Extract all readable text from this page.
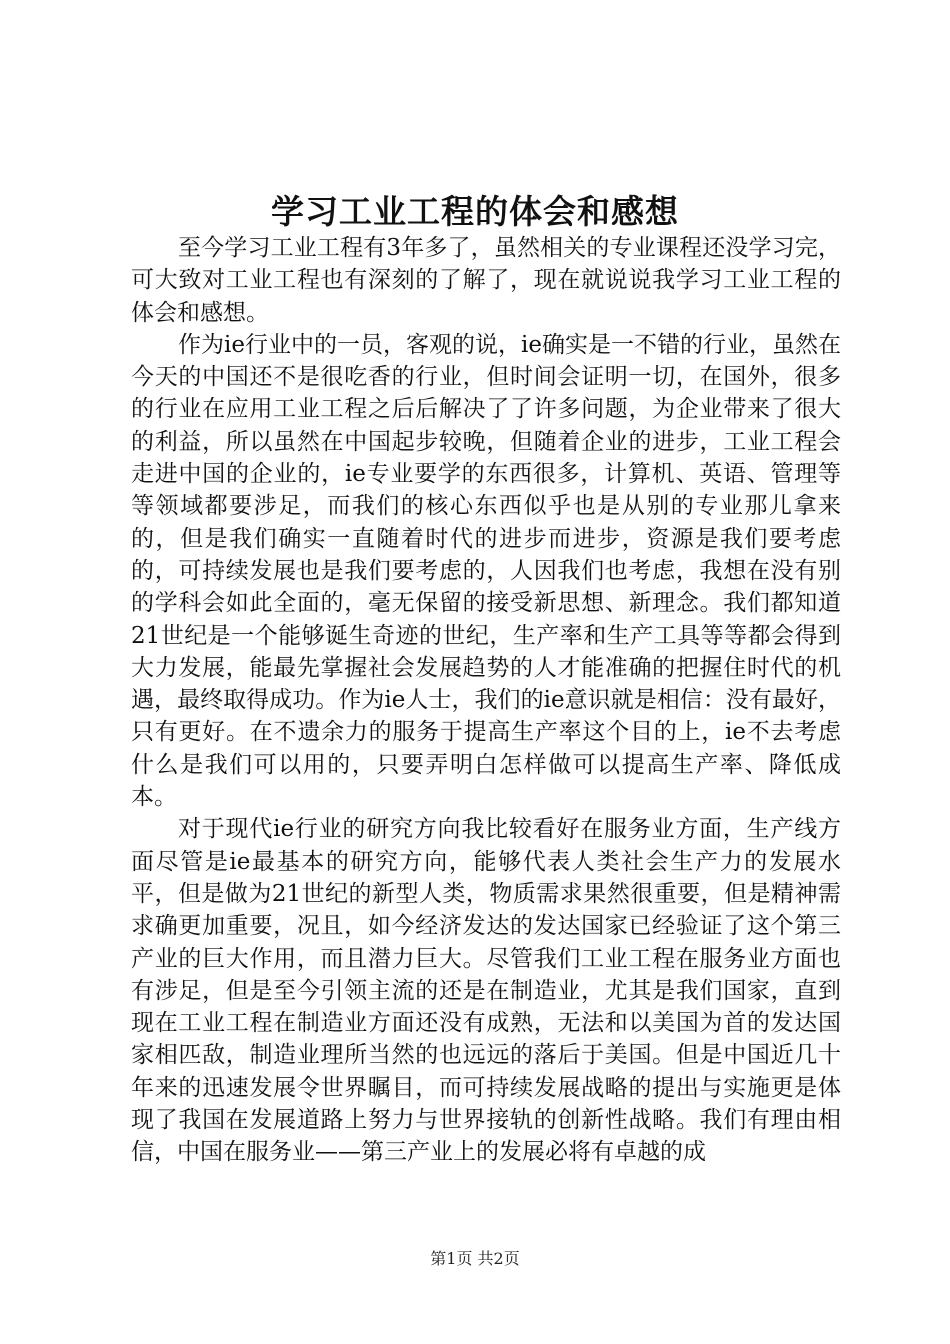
学习工业工程的体会和感想

至今学习工业工程有3年多了，虽然相关的专业课程还没学习完，可大致对工业工程也有深刻的了解了，现在就说说我学习工业工程的体会和感想。

作为ie行业中的一员，客观的说，ie确实是一不错的行业，虽然在今天的中国还不是很吃香的行业，但时间会证明一切，在国外，很多的行业在应用工业工程之后后解决了了许多问题，为企业带来了很大的利益，所以虽然在中国起步较晚，但随着企业的进步，工业工程会走进中国的企业的，ie专业要学的东西很多，计算机、英语、管理等等领域都要涉足，而我们的核心东西似乎也是从别的专业那儿拿来的，但是我们确实一直随着时代的进步而进步，资源是我们要考虑的，可持续发展也是我们要考虑的，人因我们也考虑，我想在没有别的学科会如此全面的，毫无保留的接受新思想、新理念。我们都知道21世纪是一个能够诞生奇迹的世纪，生产率和生产工具等等都会得到大力发展，能最先掌握社会发展趋势的人才能准确的把握住时代的机遇，最终取得成功。作为ie人士，我们的ie意识就是相信：没有最好，只有更好。在不遗余力的服务于提高生产率这个目的上，ie不去考虑什么是我们可以用的，只要弄明白怎样做可以提高生产率、降低成本。

对于现代ie行业的研究方向我比较看好在服务业方面，生产线方面尽管是ie最基本的研究方向，能够代表人类社会生产力的发展水平，但是做为21世纪的新型人类，物质需求果然很重要，但是精神需求确更加重要，况且，如今经济发达的发达国家已经验证了这个第三产业的巨大作用，而且潜力巨大。尽管我们工业工程在服务业方面也有涉足，但是至今引领主流的还是在制造业，尤其是我们国家，直到现在工业工程在制造业方面还没有成熟，无法和以美国为首的发达国家相匹敌，制造业理所当然的也远远的落后于美国。但是中国近几十年来的迅速发展令世界瞩目，而可持续发展战略的提出与实施更是体现了我国在发展道路上努力与世界接轨的创新性战略。我们有理由相信，中国在服务业——第三产业上的发展必将有卓越的成

第1页 共2页
